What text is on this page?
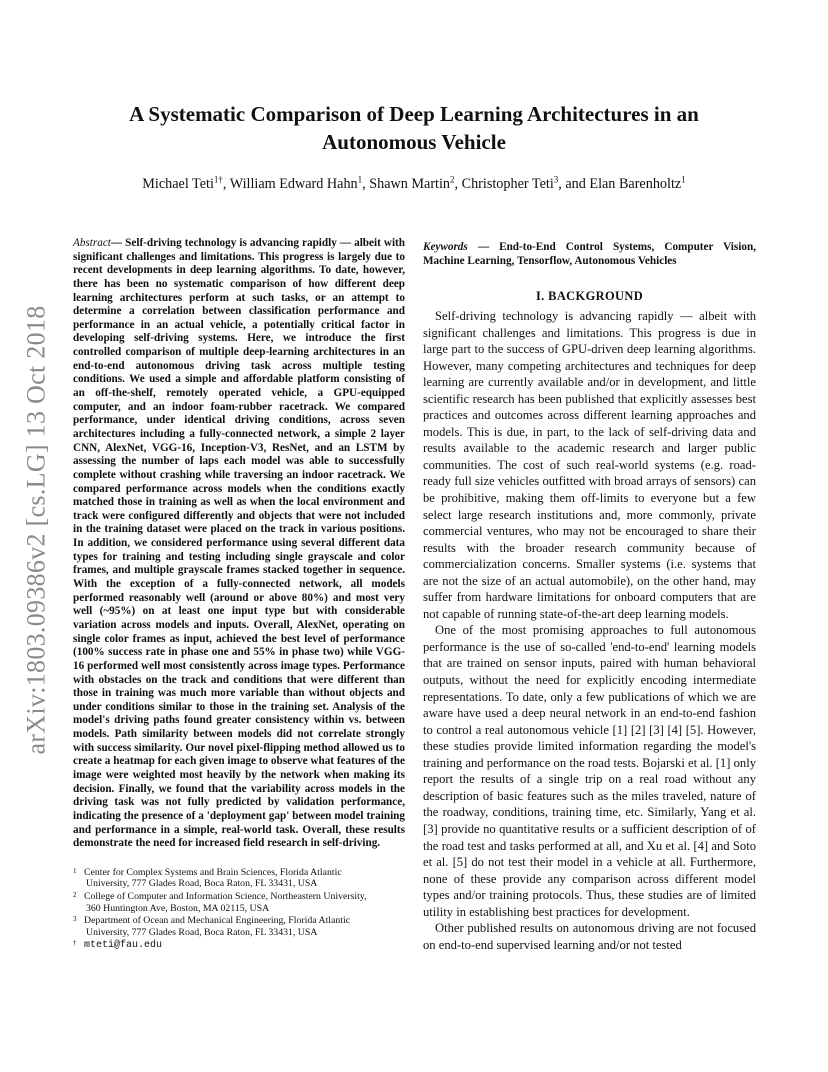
arXiv:1803.09386v2 [cs.LG] 13 Oct 2018
A Systematic Comparison of Deep Learning Architectures in an Autonomous Vehicle
Michael Teti$^{1\dagger}$, William Edward Hahn$^1$, Shawn Martin$^2$, Christopher Teti$^3$, and Elan Barenholtz$^1$

Abstract— Self-driving technology is advancing rapidly — albeit with significant challenges and limitations. This progress is largely due to recent developments in deep learning algorithms. To date, however, there has been no systematic comparison of how different deep learning architectures perform at such tasks, or an attempt to determine a correlation between classification performance and performance in an actual vehicle, a potentially critical factor in developing self-driving systems. Here, we introduce the first controlled comparison of multiple deep-learning architectures in an end-to-end autonomous driving task across multiple testing conditions. We used a simple and affordable platform consisting of an off-the-shelf, remotely operated vehicle, a GPU-equipped computer, and an indoor foam-rubber racetrack. We compared performance, under identical driving conditions, across seven architectures including a fully-connected network, a simple 2 layer CNN, AlexNet, VGG-16, Inception-V3, ResNet, and an LSTM by assessing the number of laps each model was able to successfully complete without crashing while traversing an indoor racetrack. We compared performance across models when the conditions exactly matched those in training as well as when the local environment and track were configured differently and objects that were not included in the training dataset were placed on the track in various positions. In addition, we considered performance using several different data types for training and testing including single grayscale and color frames, and multiple grayscale frames stacked together in sequence. With the exception of a fully-connected network, all models performed reasonably well (around or above 80%) and most very well (~95%) on at least one input type but with considerable variation across models and inputs. Overall, AlexNet, operating on single color frames as input, achieved the best level of performance (100% success rate in phase one and 55% in phase two) while VGG-16 performed well most consistently across image types. Performance with obstacles on the track and conditions that were different than those in training was much more variable than without objects and under conditions similar to those in the training set. Analysis of the model's driving paths found greater consistency within vs. between models. Path similarity between models did not correlate strongly with success similarity. Our novel pixel-flipping method allowed us to create a heatmap for each given image to observe what features of the image were weighted most heavily by the network when making its decision. Finally, we found that the variability across models in the driving task was not fully predicted by validation performance, indicating the presence of a 'deployment gap' between model training and performance in a simple, real-world task. Overall, these results demonstrate the need for increased field research in self-driving.

1 Center for Complex Systems and Brain Sciences, Florida Atlantic
University, 777 Glades Road, Boca Raton, FL 33431, USA
2 College of Computer and Information Science, Northeastern University,
360 Huntington Ave, Boston, MA 02115, USA
3 Department of Ocean and Mechanical Engineering, Florida Atlantic
University, 777 Glades Road, Boca Raton, FL 33431, USA
† mteti@fau.edu

Keywords — End-to-End Control Systems, Computer Vision, Machine Learning, Tensorflow, Autonomous Vehicles

I. BACKGROUND

Self-driving technology is advancing rapidly — albeit with significant challenges and limitations. This progress is due in large part to the success of GPU-driven deep learning algorithms. However, many competing architectures and techniques for deep learning are currently available and/or in development, and little scientific research has been published that explicitly assesses best practices and outcomes across different learning approaches and models. This is due, in part, to the lack of self-driving data and results available to the academic research and larger public communities. The cost of such real-world systems (e.g. road-ready full size vehicles outfitted with broad arrays of sensors) can be prohibitive, making them off-limits to everyone but a few select large research institutions and, more commonly, private commercial ventures, who may not be encouraged to share their results with the broader research community because of commercialization concerns. Smaller systems (i.e. systems that are not the size of an actual automobile), on the other hand, may suffer from hardware limitations for onboard computers that are not capable of running state-of-the-art deep learning models.

One of the most promising approaches to full autonomous performance is the use of so-called 'end-to-end' learning models that are trained on sensor inputs, paired with human behavioral outputs, without the need for explicitly encoding intermediate representations. To date, only a few publications of which we are aware have used a deep neural network in an end-to-end fashion to control a real autonomous vehicle [1] [2] [3] [4] [5]. However, these studies provide limited information regarding the model's training and performance on the road tests. Bojarski et al. [1] only report the results of a single trip on a real road without any description of basic features such as the miles traveled, nature of the roadway, conditions, training time, etc. Similarly, Yang et al. [3] provide no quantitative results or a sufficient description of of the road test and tasks performed at all, and Xu et al. [4] and Soto et al. [5] do not test their model in a vehicle at all. Furthermore, none of these provide any comparison across different model types and/or training protocols. Thus, these studies are of limited utility in establishing best practices for development.

Other published results on autonomous driving are not focused on end-to-end supervised learning and/or not tested
